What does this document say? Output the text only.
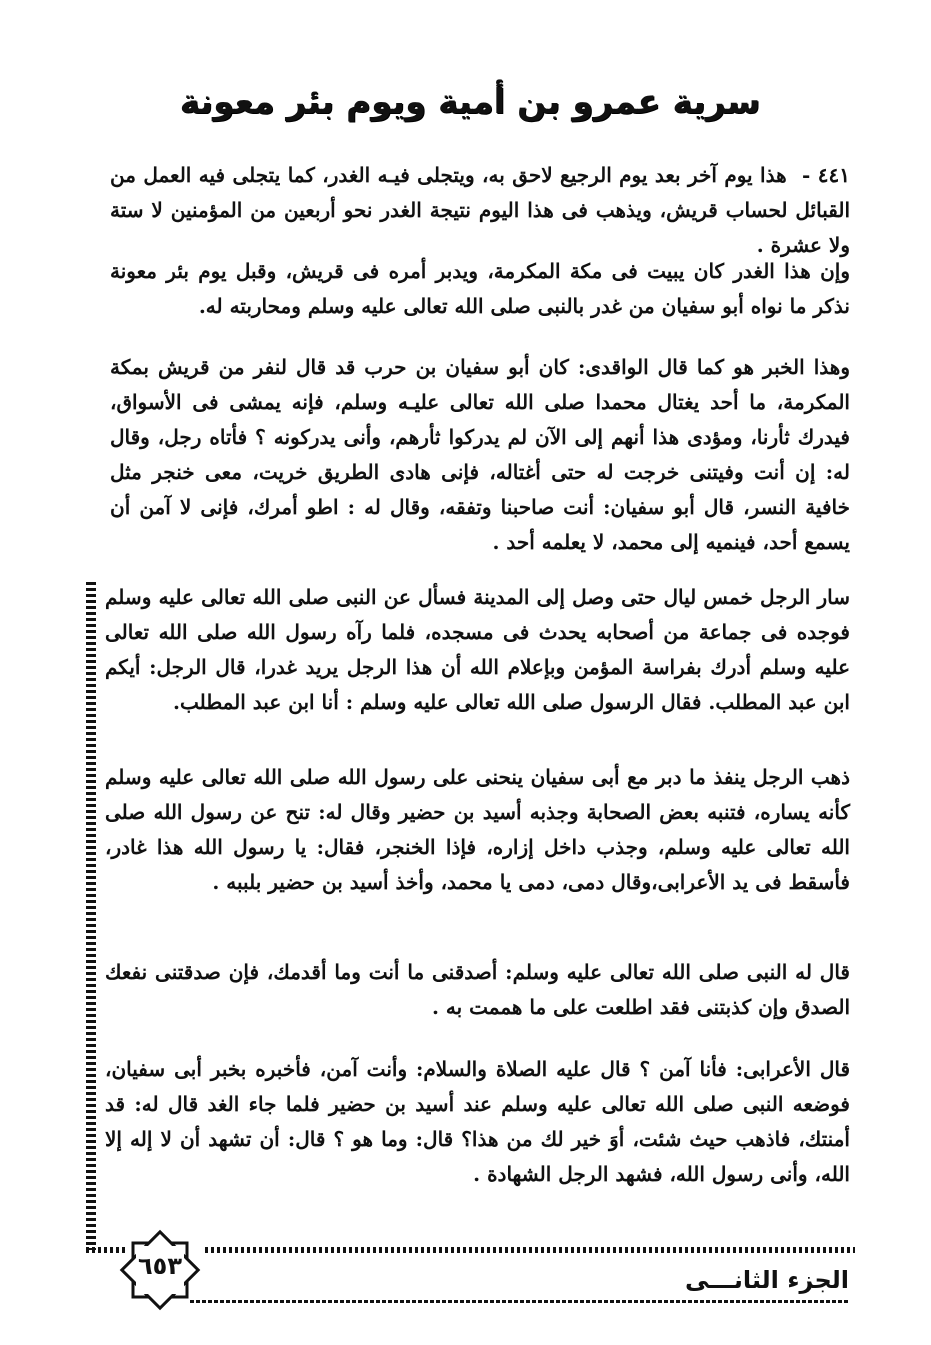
سرية عمرو بن أمية ويوم بئر معونة
٤٤١ - هذا يوم آخر بعد يوم الرجيع لاحق به، ويتجلى فيـه الغدر، كما يتجلى فيه العمل من القبائل لحساب قريش، ويذهب فى هذا اليوم نتيجة الغدر نحو أربعين من المؤمنين لا ستة ولا عشرة .
وإن هذا الغدر كان يبيت فى مكة المكرمة، ويدبر أمره فى قريش، وقبل يوم بئر معونة نذكر ما نواه أبو سفيان من غدر بالنبى صلى الله تعالى عليه وسلم ومحاربته له.
وهذا الخبر هو كما قال الواقدى: كان أبو سفيان بن حرب قد قال لنفر من قريش بمكة المكرمة، ما أحد يغتال محمدا صلى الله تعالى عليـه وسلم، فإنه يمشى فى الأسواق، فيدرك ثأرنا، ومؤدى هذا أنهم إلى الآن لم يدركوا ثأرهم، وأنى يدركونه ؟ فأتاه رجل، وقال له: إن أنت وفيتنى خرجت له حتى أغتاله، فإنى هادى الطريق خريت، معى خنجر مثل خافية النسر، قال أبو سفيان: أنت صاحبنا وتفقه، وقال له : اطو أمرك، فإنى لا آمن أن يسمع أحد، فينميه إلى محمد، لا يعلمه أحد .
سار الرجل خمس ليال حتى وصل إلى المدينة فسأل عن النبى صلى الله تعالى عليه وسلم فوجده فى جماعة من أصحابه يحدث فى مسجده، فلما رآه رسول الله صلى الله تعالى عليه وسلم أدرك بفراسة المؤمن وبإعلام الله أن هذا الرجل يريد غدرا، قال الرجل: أيكم ابن عبد المطلب. فقال الرسول صلى الله تعالى عليه وسلم : أنا ابن عبد المطلب.
ذهب الرجل ينفذ ما دبر مع أبى سفيان ينحنى على رسول الله صلى الله تعالى عليه وسلم كأنه يساره، فتنبه بعض الصحابة وجذبه أسيد بن حضير وقال له: تنح عن رسول الله صلى الله تعالى عليه وسلم، وجذب داخل إزاره، فإذا الخنجر، فقال: يا رسول الله هذا غادر، فأسقط فى يد الأعرابى،وقال دمى، دمى يا محمد، وأخذ أسيد بن حضير بلببه .
قال له النبى صلى الله تعالى عليه وسلم: أصدقنى ما أنت وما أقدمك، فإن صدقتنى نفعك الصدق وإن كذبتنى فقد اطلعت على ما هممت به .
قال الأعرابى: فأنا آمن ؟ قال عليه الصلاة والسلام: وأنت آمن، فأخبره بخبر أبى سفيان، فوضعه النبى صلى الله تعالى عليه وسلم عند أسيد بن حضير فلما جاء الغد قال له: قد أمنتك، فاذهب حيث شئت، أوَ خير لك من هذا؟ قال: وما هو ؟ قال: أن تشهد أن لا إله إلا الله، وأنى رسول الله، فشهد الرجل الشهادة .
٦٥٣	الجزء الثانـــى
